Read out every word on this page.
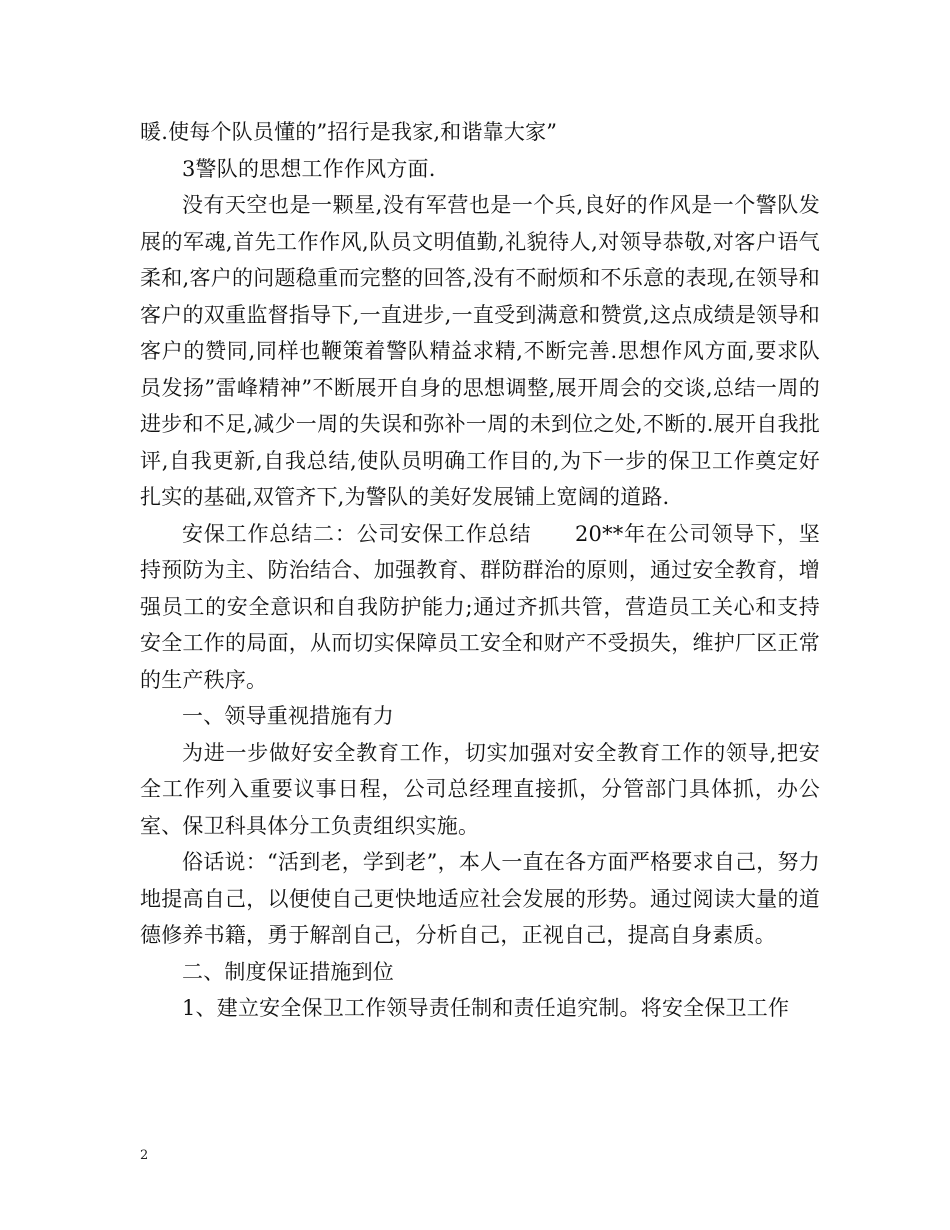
暖.使每个队员懂的”招行是我家,和谐靠大家”

3警队的思想工作作风方面.

没有天空也是一颗星,没有军营也是一个兵,良好的作风是一个警队发展的军魂,首先工作作风,队员文明值勤,礼貌待人,对领导恭敬,对客户语气柔和,客户的问题稳重而完整的回答,没有不耐烦和不乐意的表现,在领导和客户的双重监督指导下,一直进步,一直受到满意和赞赏,这点成绩是领导和客户的赞同,同样也鞭策着警队精益求精,不断完善.思想作风方面,要求队员发扬”雷峰精神”不断展开自身的思想调整,展开周会的交谈,总结一周的进步和不足,减少一周的失误和弥补一周的未到位之处,不断的.展开自我批评,自我更新,自我总结,使队员明确工作目的,为下一步的保卫工作奠定好扎实的基础,双管齐下,为警队的美好发展铺上宽阔的道路.

安保工作总结二：公司安保工作总结　　20**年在公司领导下，坚持预防为主、防治结合、加强教育、群防群治的原则，通过安全教育，增强员工的安全意识和自我防护能力;通过齐抓共管，营造员工关心和支持安全工作的局面，从而切实保障员工安全和财产不受损失，维护厂区正常的生产秩序。

一、领导重视措施有力

为进一步做好安全教育工作，切实加强对安全教育工作的领导,把安全工作列入重要议事日程，公司总经理直接抓，分管部门具体抓，办公室、保卫科具体分工负责组织实施。

俗话说：“活到老，学到老”，本人一直在各方面严格要求自己，努力地提高自己，以便使自己更快地适应社会发展的形势。通过阅读大量的道德修养书籍，勇于解剖自己，分析自己，正视自己，提高自身素质。

二、制度保证措施到位

1、建立安全保卫工作领导责任制和责任追究制。将安全保卫工作

2
